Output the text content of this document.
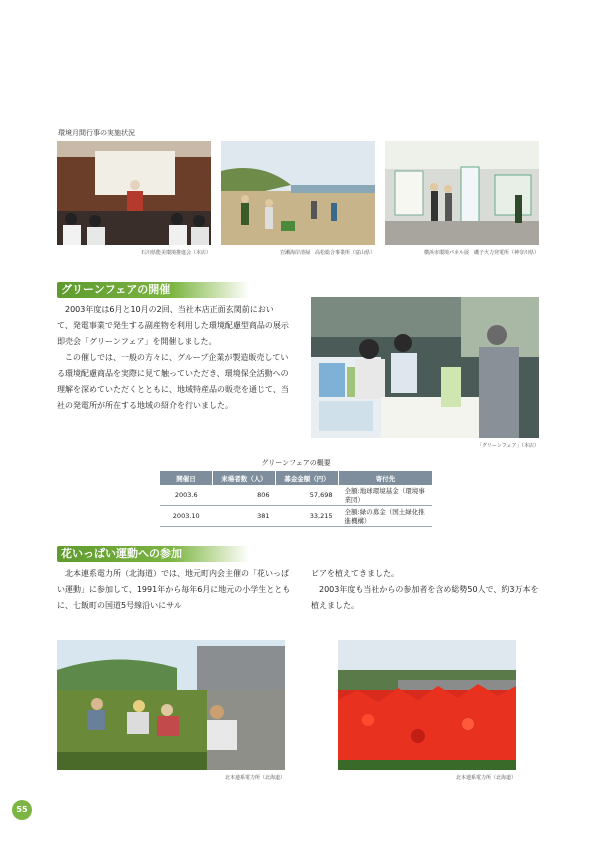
環境月間行事の実施状況
石川県能美環境推進会（本店）	岩瀬海岸清掃　高松総合事業所（富山県）	横浜市環境パネル展　磯子火力発電所（神奈川県）
グリーンフェアの開催

2003年度は6月と10月の2回、当社本店正面玄関前において、発電事業で発生する副産物を利用した環境配慮型商品の展示即売会「グリーンフェア」を開催しました。

この催しでは、一般の方々に、グループ企業が製造販売している環境配慮商品を実際に見て触っていただき、環境保全活動への理解を深めていただくとともに、地域特産品の販売を通じて、当社の発電所が所在する地域の紹介を行いました。

「グリーンフェア」（本店）
グリーンフェアの概要
開催日	来場者数（人）	募金金額（円）	寄付先
2003.6	806	57,698	全額:地球環境基金（環境事業団）
2003.10	381	33,215	全額:緑の募金（国土緑化推進機構）
花いっぱい運動への参加

北本連系電力所（北海道）では、地元町内会主催の「花いっぱい運動」に参加して、1991年から毎年6月に地元の小学生とともに、七飯町の国道5号線沿いにサル

ビアを植えてきました。

2003年度も当社からの参加者を含め総勢50人で、約3万本を植えました。

北本連系電力所（北海道）	北本連系電力所（北海道）
55
